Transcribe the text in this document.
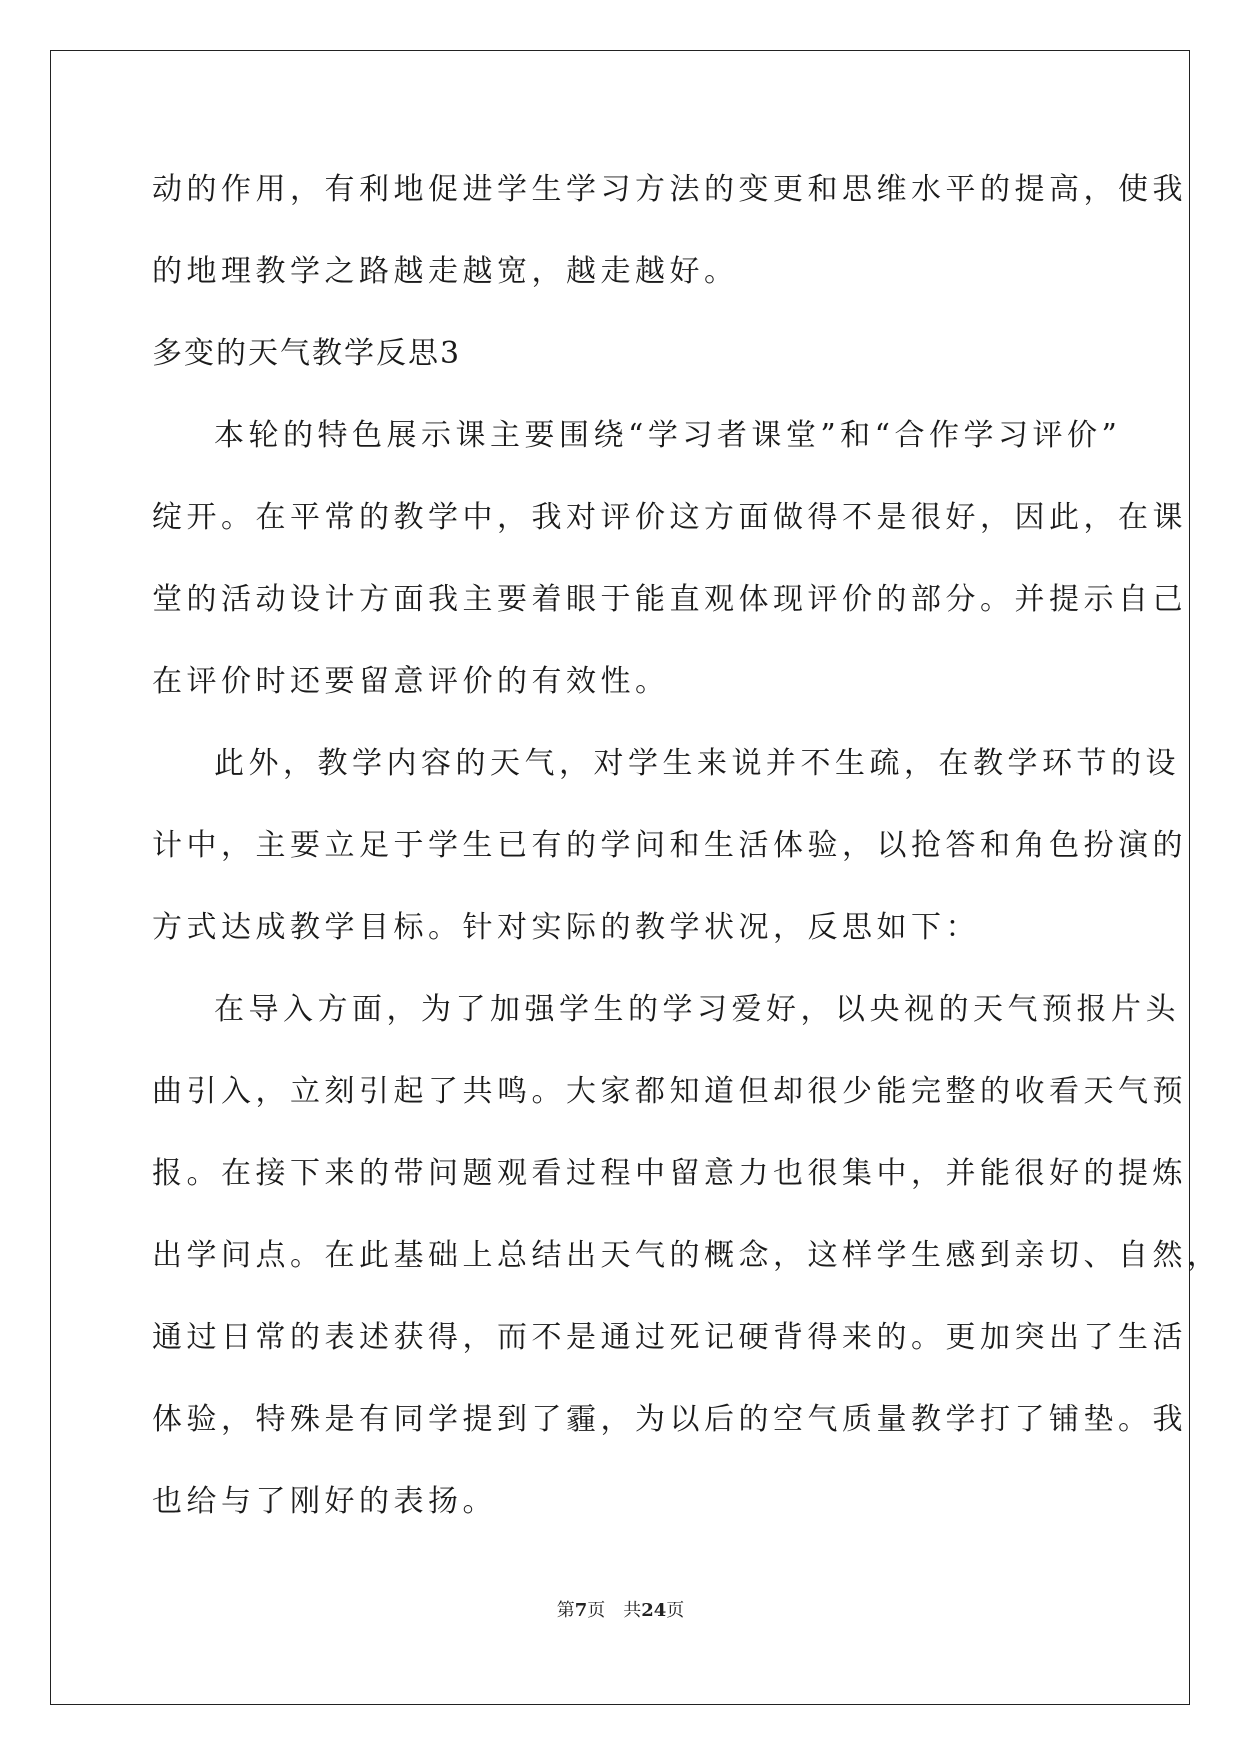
动的作用，有利地促进学生学习方法的变更和思维水平的提高，使我
的地理教学之路越走越宽，越走越好。
多变的天气教学反思3
本轮的特色展示课主要围绕“学习者课堂”和“合作学习评价”
绽开。在平常的教学中，我对评价这方面做得不是很好，因此，在课
堂的活动设计方面我主要着眼于能直观体现评价的部分。并提示自己
在评价时还要留意评价的有效性。
此外，教学内容的天气，对学生来说并不生疏，在教学环节的设
计中，主要立足于学生已有的学问和生活体验，以抢答和角色扮演的
方式达成教学目标。针对实际的教学状况，反思如下：
在导入方面，为了加强学生的学习爱好，以央视的天气预报片头
曲引入，立刻引起了共鸣。大家都知道但却很少能完整的收看天气预
报。在接下来的带问题观看过程中留意力也很集中，并能很好的提炼
出学问点。在此基础上总结出天气的概念，这样学生感到亲切、自然，
通过日常的表述获得，而不是通过死记硬背得来的。更加突出了生活
体验，特殊是有同学提到了霾，为以后的空气质量教学打了铺垫。我
也给与了刚好的表扬。
第7页 共24页
